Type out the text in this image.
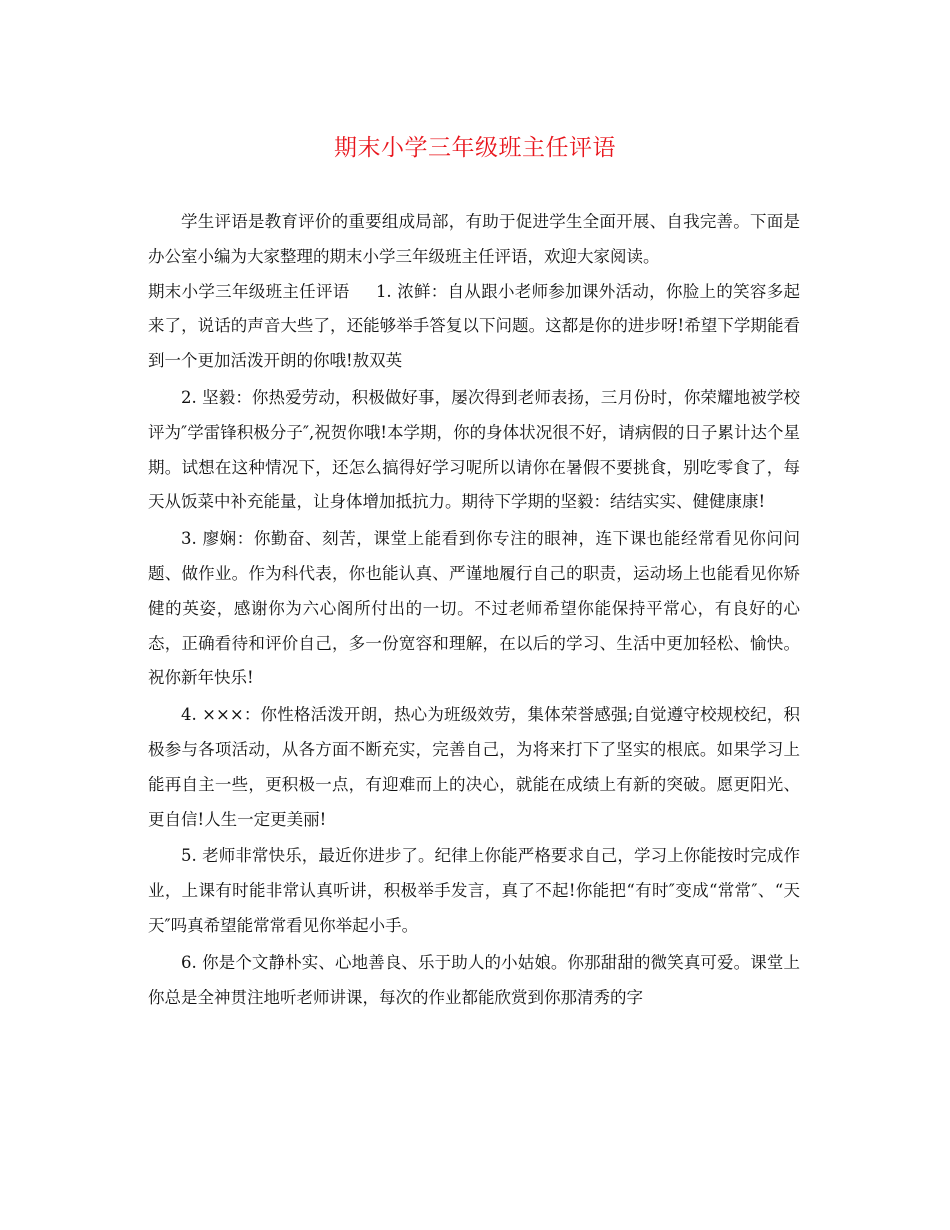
期末小学三年级班主任评语

学生评语是教育评价的重要组成局部，有助于促进学生全面开展、自我完善。下面是办公室小编为大家整理的期末小学三年级班主任评语，欢迎大家阅读。

期末小学三年级班主任评语 1. 浓鲜：自从跟小老师参加课外活动，你脸上的笑容多起来了，说话的声音大些了，还能够举手答复以下问题。这都是你的进步呀!希望下学期能看到一个更加活泼开朗的你哦!敖双英

2. 坚毅：你热爱劳动，积极做好事，屡次得到老师表扬，三月份时，你荣耀地被学校评为″学雷锋积极分子″,祝贺你哦!本学期，你的身体状况很不好，请病假的日子累计达个星期。试想在这种情况下，还怎么搞得好学习呢所以请你在暑假不要挑食，别吃零食了，每天从饭菜中补充能量，让身体增加抵抗力。期待下学期的坚毅：结结实实、健健康康!

3. 廖娴：你勤奋、刻苦，课堂上能看到你专注的眼神，连下课也能经常看见你问问题、做作业。作为科代表，你也能认真、严谨地履行自己的职责，运动场上也能看见你矫健的英姿，感谢你为六心阁所付出的一切。不过老师希望你能保持平常心，有良好的心态，正确看待和评价自己，多一份宽容和理解，在以后的学习、生活中更加轻松、愉快。祝你新年快乐!

4. ×××：你性格活泼开朗，热心为班级效劳，集体荣誉感强;自觉遵守校规校纪，积极参与各项活动，从各方面不断充实，完善自己，为将来打下了坚实的根底。如果学习上能再自主一些，更积极一点，有迎难而上的决心，就能在成绩上有新的突破。愿更阳光、更自信!人生一定更美丽!

5. 老师非常快乐，最近你进步了。纪律上你能严格要求自己，学习上你能按时完成作业，上课有时能非常认真听讲，积极举手发言，真了不起!你能把“有时″变成“常常″、“天天″吗真希望能常常看见你举起小手。

6. 你是个文静朴实、心地善良、乐于助人的小姑娘。你那甜甜的微笑真可爱。课堂上你总是全神贯注地听老师讲课，每次的作业都能欣赏到你那清秀的字
